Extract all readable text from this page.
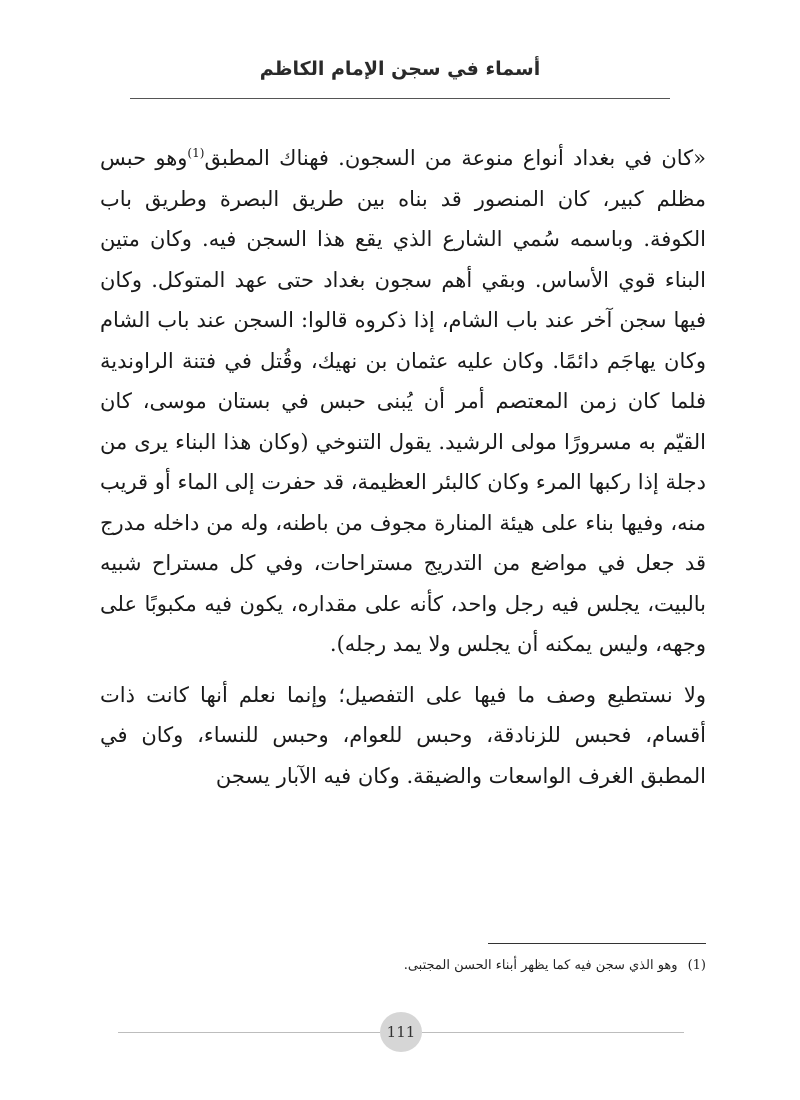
أسماء في سجن الإمام الكاظم

«كان في بغداد أنواع منوعة من السجون. فهناك المطبق$^{(1)}$وهو حبس مظلم كبير، كان المنصور قد بناه بين طريق البصرة وطريق باب الكوفة. وباسمه سُمي الشارع الذي يقع هذا السجن فيه. وكان متين البناء قوي الأساس. وبقي أهم سجون بغداد حتى عهد المتوكل. وكان فيها سجن آخر عند باب الشام، إذا ذكروه قالوا: السجن عند باب الشام وكان يهاجَم دائمًا. وكان عليه عثمان بن نهيك، وقُتل في فتنة الراوندية فلما كان زمن المعتصم أمر أن يُبنى حبس في بستان موسى، كان القيّم به مسرورًا مولى الرشيد. يقول التنوخي (وكان هذا البناء يرى من دجلة إذا ركبها المرء وكان كالبئر العظيمة، قد حفرت إلى الماء أو قريب منه، وفيها بناء على هيئة المنارة مجوف من باطنه، وله من داخله مدرج قد جعل في مواضع من التدريج مستراحات، وفي كل مستراح شبيه بالبيت، يجلس فيه رجل واحد، كأنه على مقداره، يكون فيه مكبوبًا على وجهه، وليس يمكنه أن يجلس ولا يمد رجله).

ولا نستطيع وصف ما فيها على التفصيل؛ وإنما نعلم أنها كانت ذات أقسام، فحبس للزنادقة، وحبس للعوام، وحبس للنساء، وكان في المطبق الغرف الواسعات والضيقة. وكان فيه الآبار يسجن

(1)وهو الذي سجن فيه كما يظهر أبناء الحسن المجتبى.
111
